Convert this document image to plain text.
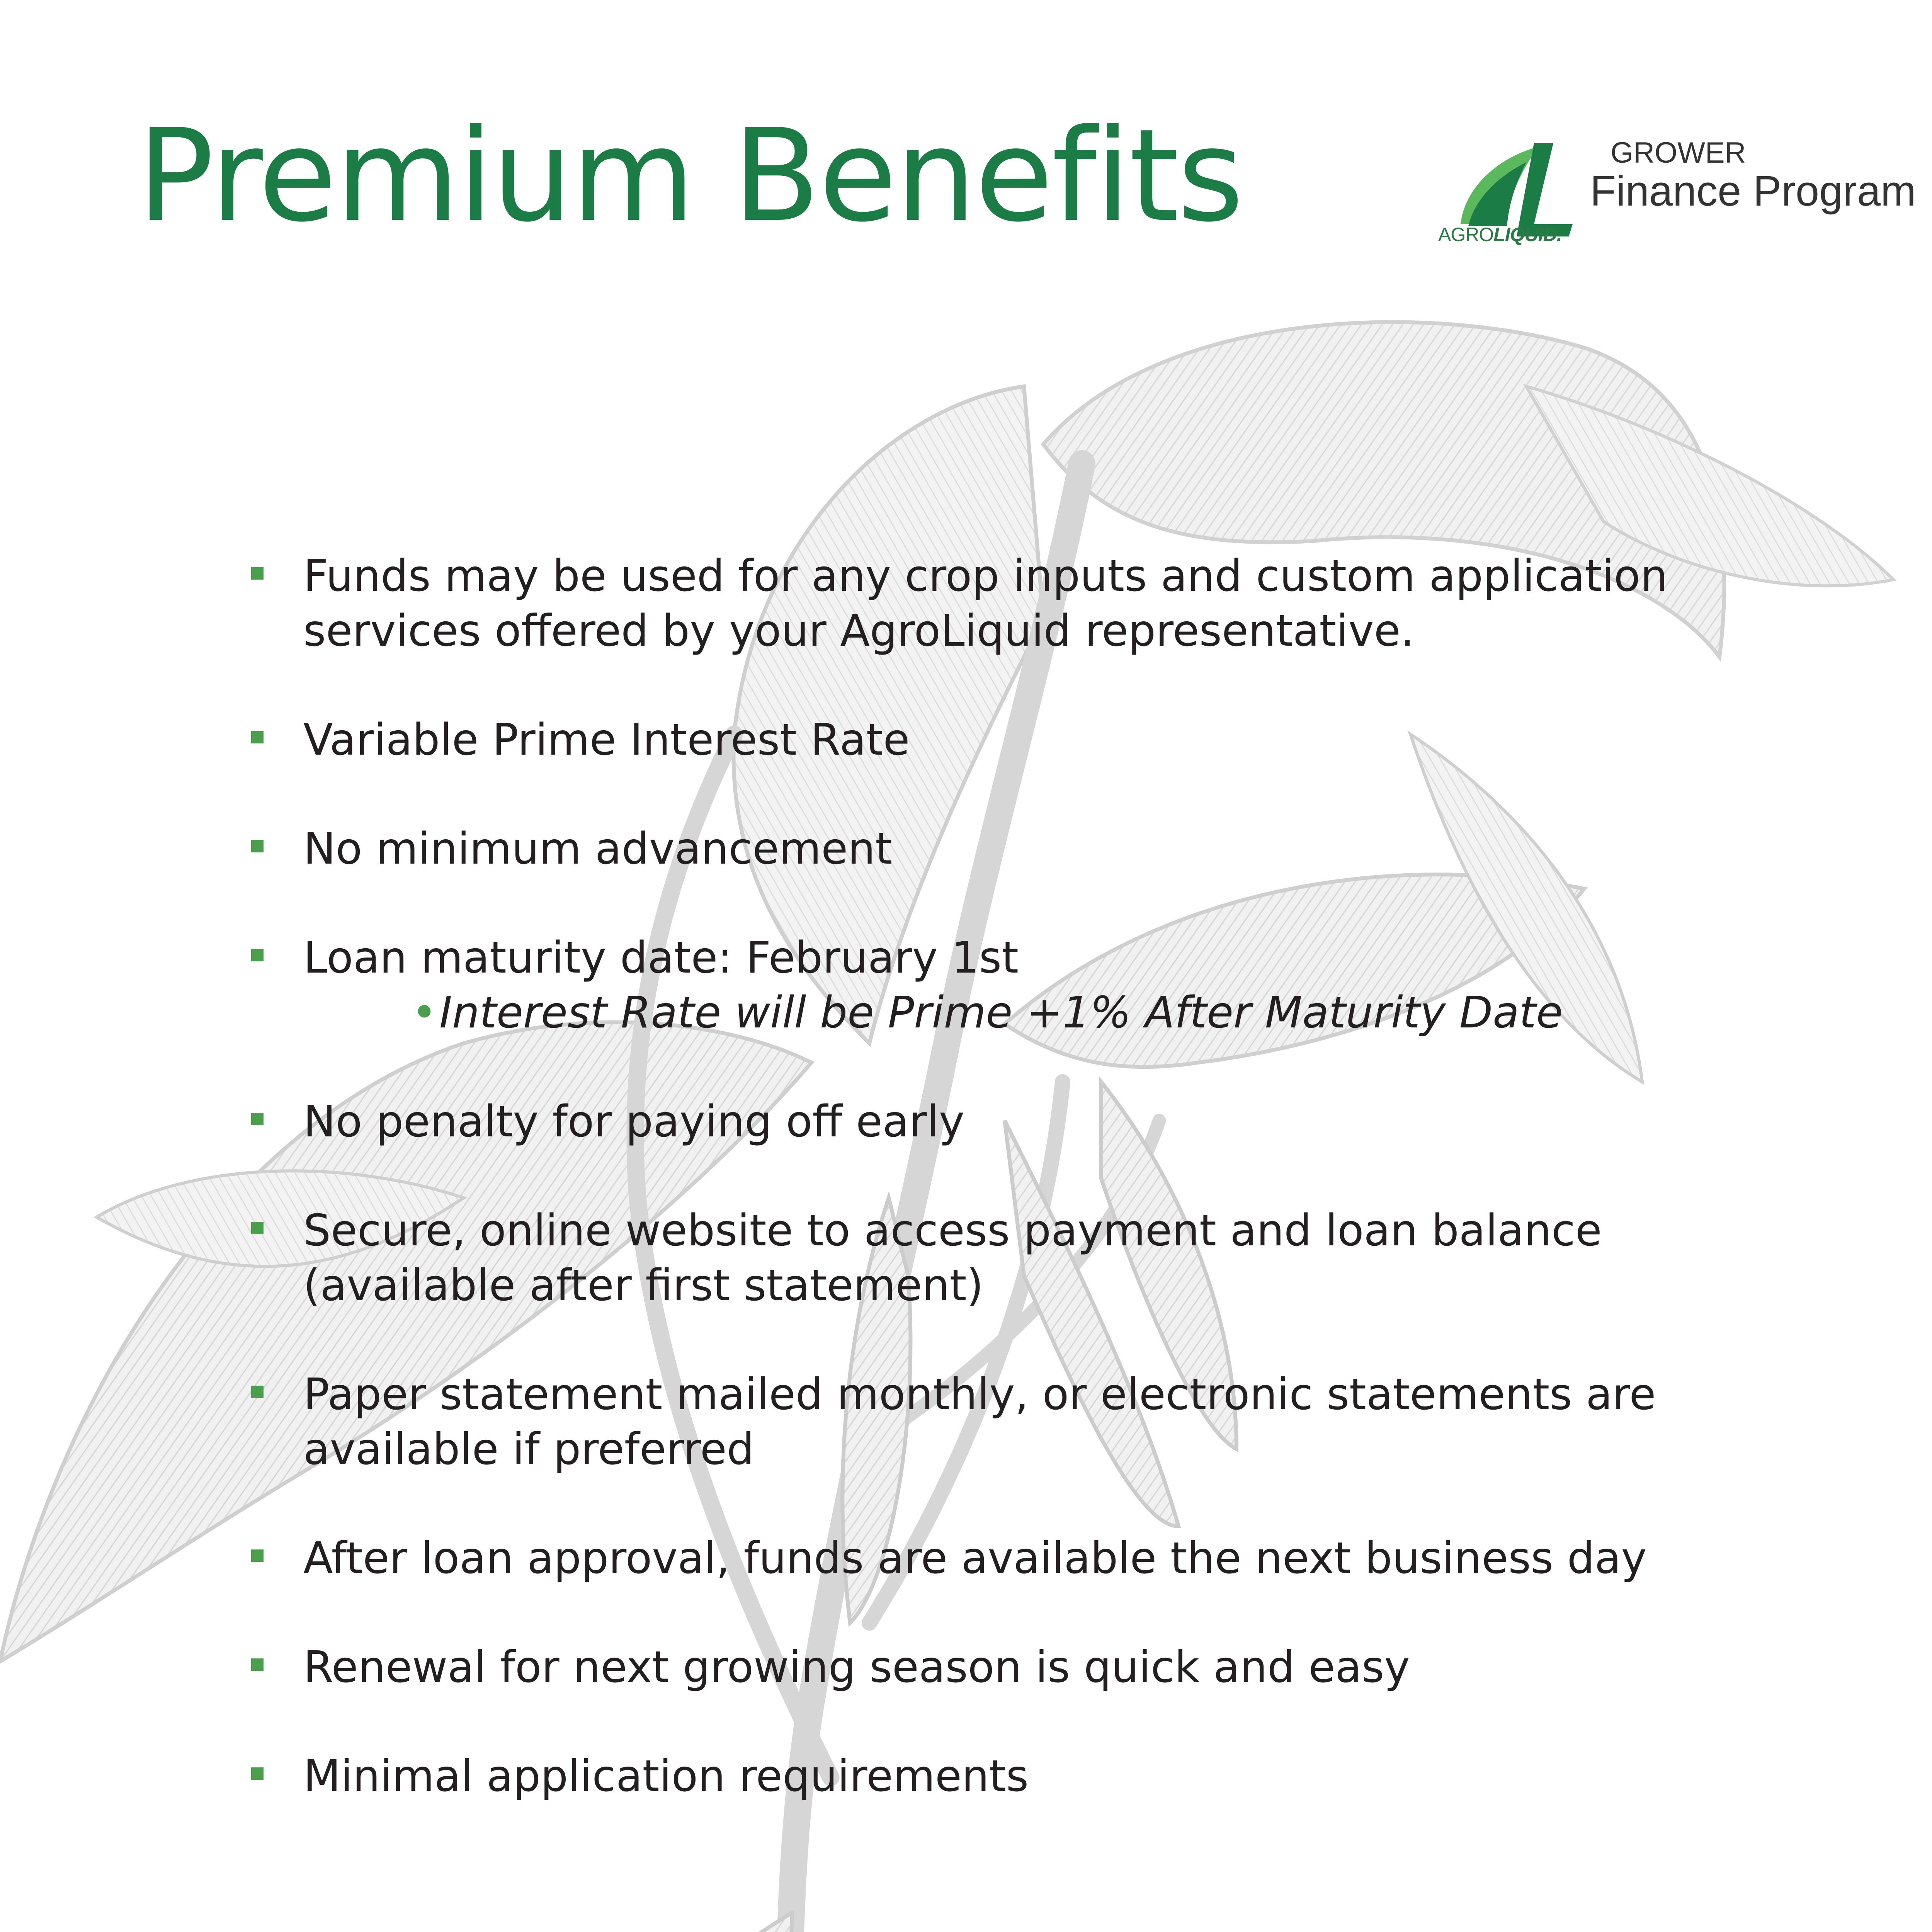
Premium Benefits	AGROLIQUID.
GROWER
Finance Program
Funds may be used for any crop inputs and custom application
services offered by your AgroLiquid representative.
Variable Prime Interest Rate
No minimum advancement
Loan maturity date: February 1st
•Interest Rate will be Prime +1% After Maturity Date
No penalty for paying off early
Secure, online website to access payment and loan balance
(available after first statement)
Paper statement mailed monthly, or electronic statements are
available if preferred
After loan approval, funds are available the next business day
Renewal for next growing season is quick and easy
Minimal application requirements
